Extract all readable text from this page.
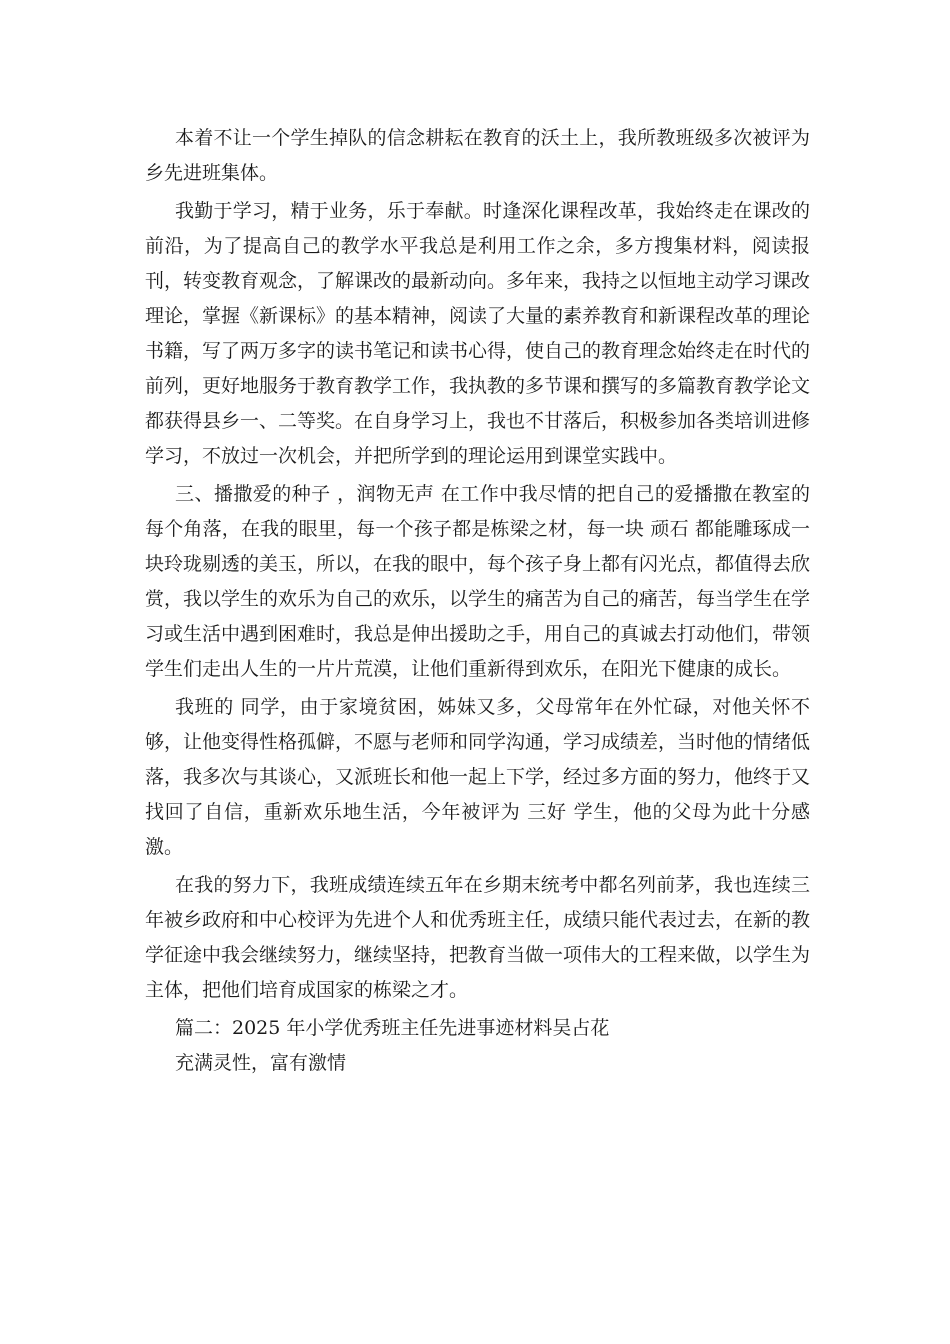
本着不让一个学生掉队的信念耕耘在教育的沃土上，我所教班级多次被评为乡先进班集体。

我勤于学习，精于业务，乐于奉献。时逢深化课程改革，我始终走在课改的前沿，为了提高自己的教学水平我总是利用工作之余，多方搜集材料，阅读报刊，转变教育观念，了解课改的最新动向。多年来，我持之以恒地主动学习课改理论，掌握《新课标》的基本精神，阅读了大量的素养教育和新课程改革的理论书籍，写了两万多字的读书笔记和读书心得，使自己的教育理念始终走在时代的前列，更好地服务于教育教学工作，我执教的多节课和撰写的多篇教育教学论文都获得县乡一、二等奖。在自身学习上，我也不甘落后，积极参加各类培训进修学习，不放过一次机会，并把所学到的理论运用到课堂实践中。

三、播撒爱的种子 ，润物无声 在工作中我尽情的把自己的爱播撒在教室的每个角落，在我的眼里，每一个孩子都是栋梁之材，每一块 顽石 都能雕琢成一块玲珑剔透的美玉，所以，在我的眼中，每个孩子身上都有闪光点，都值得去欣赏，我以学生的欢乐为自己的欢乐，以学生的痛苦为自己的痛苦，每当学生在学习或生活中遇到困难时，我总是伸出援助之手，用自己的真诚去打动他们，带领学生们走出人生的一片片荒漠，让他们重新得到欢乐，在阳光下健康的成长。

我班的 同学，由于家境贫困，姊妹又多，父母常年在外忙碌，对他关怀不够，让他变得性格孤僻，不愿与老师和同学沟通，学习成绩差，当时他的情绪低落，我多次与其谈心，又派班长和他一起上下学，经过多方面的努力，他终于又找回了自信，重新欢乐地生活，今年被评为 三好 学生，他的父母为此十分感激。

在我的努力下，我班成绩连续五年在乡期末统考中都名列前茅，我也连续三年被乡政府和中心校评为先进个人和优秀班主任，成绩只能代表过去，在新的教学征途中我会继续努力，继续坚持，把教育当做一项伟大的工程来做，以学生为主体，把他们培育成国家的栋梁之才。

篇二：2025 年小学优秀班主任先进事迹材料吴占花

充满灵性，富有激情
